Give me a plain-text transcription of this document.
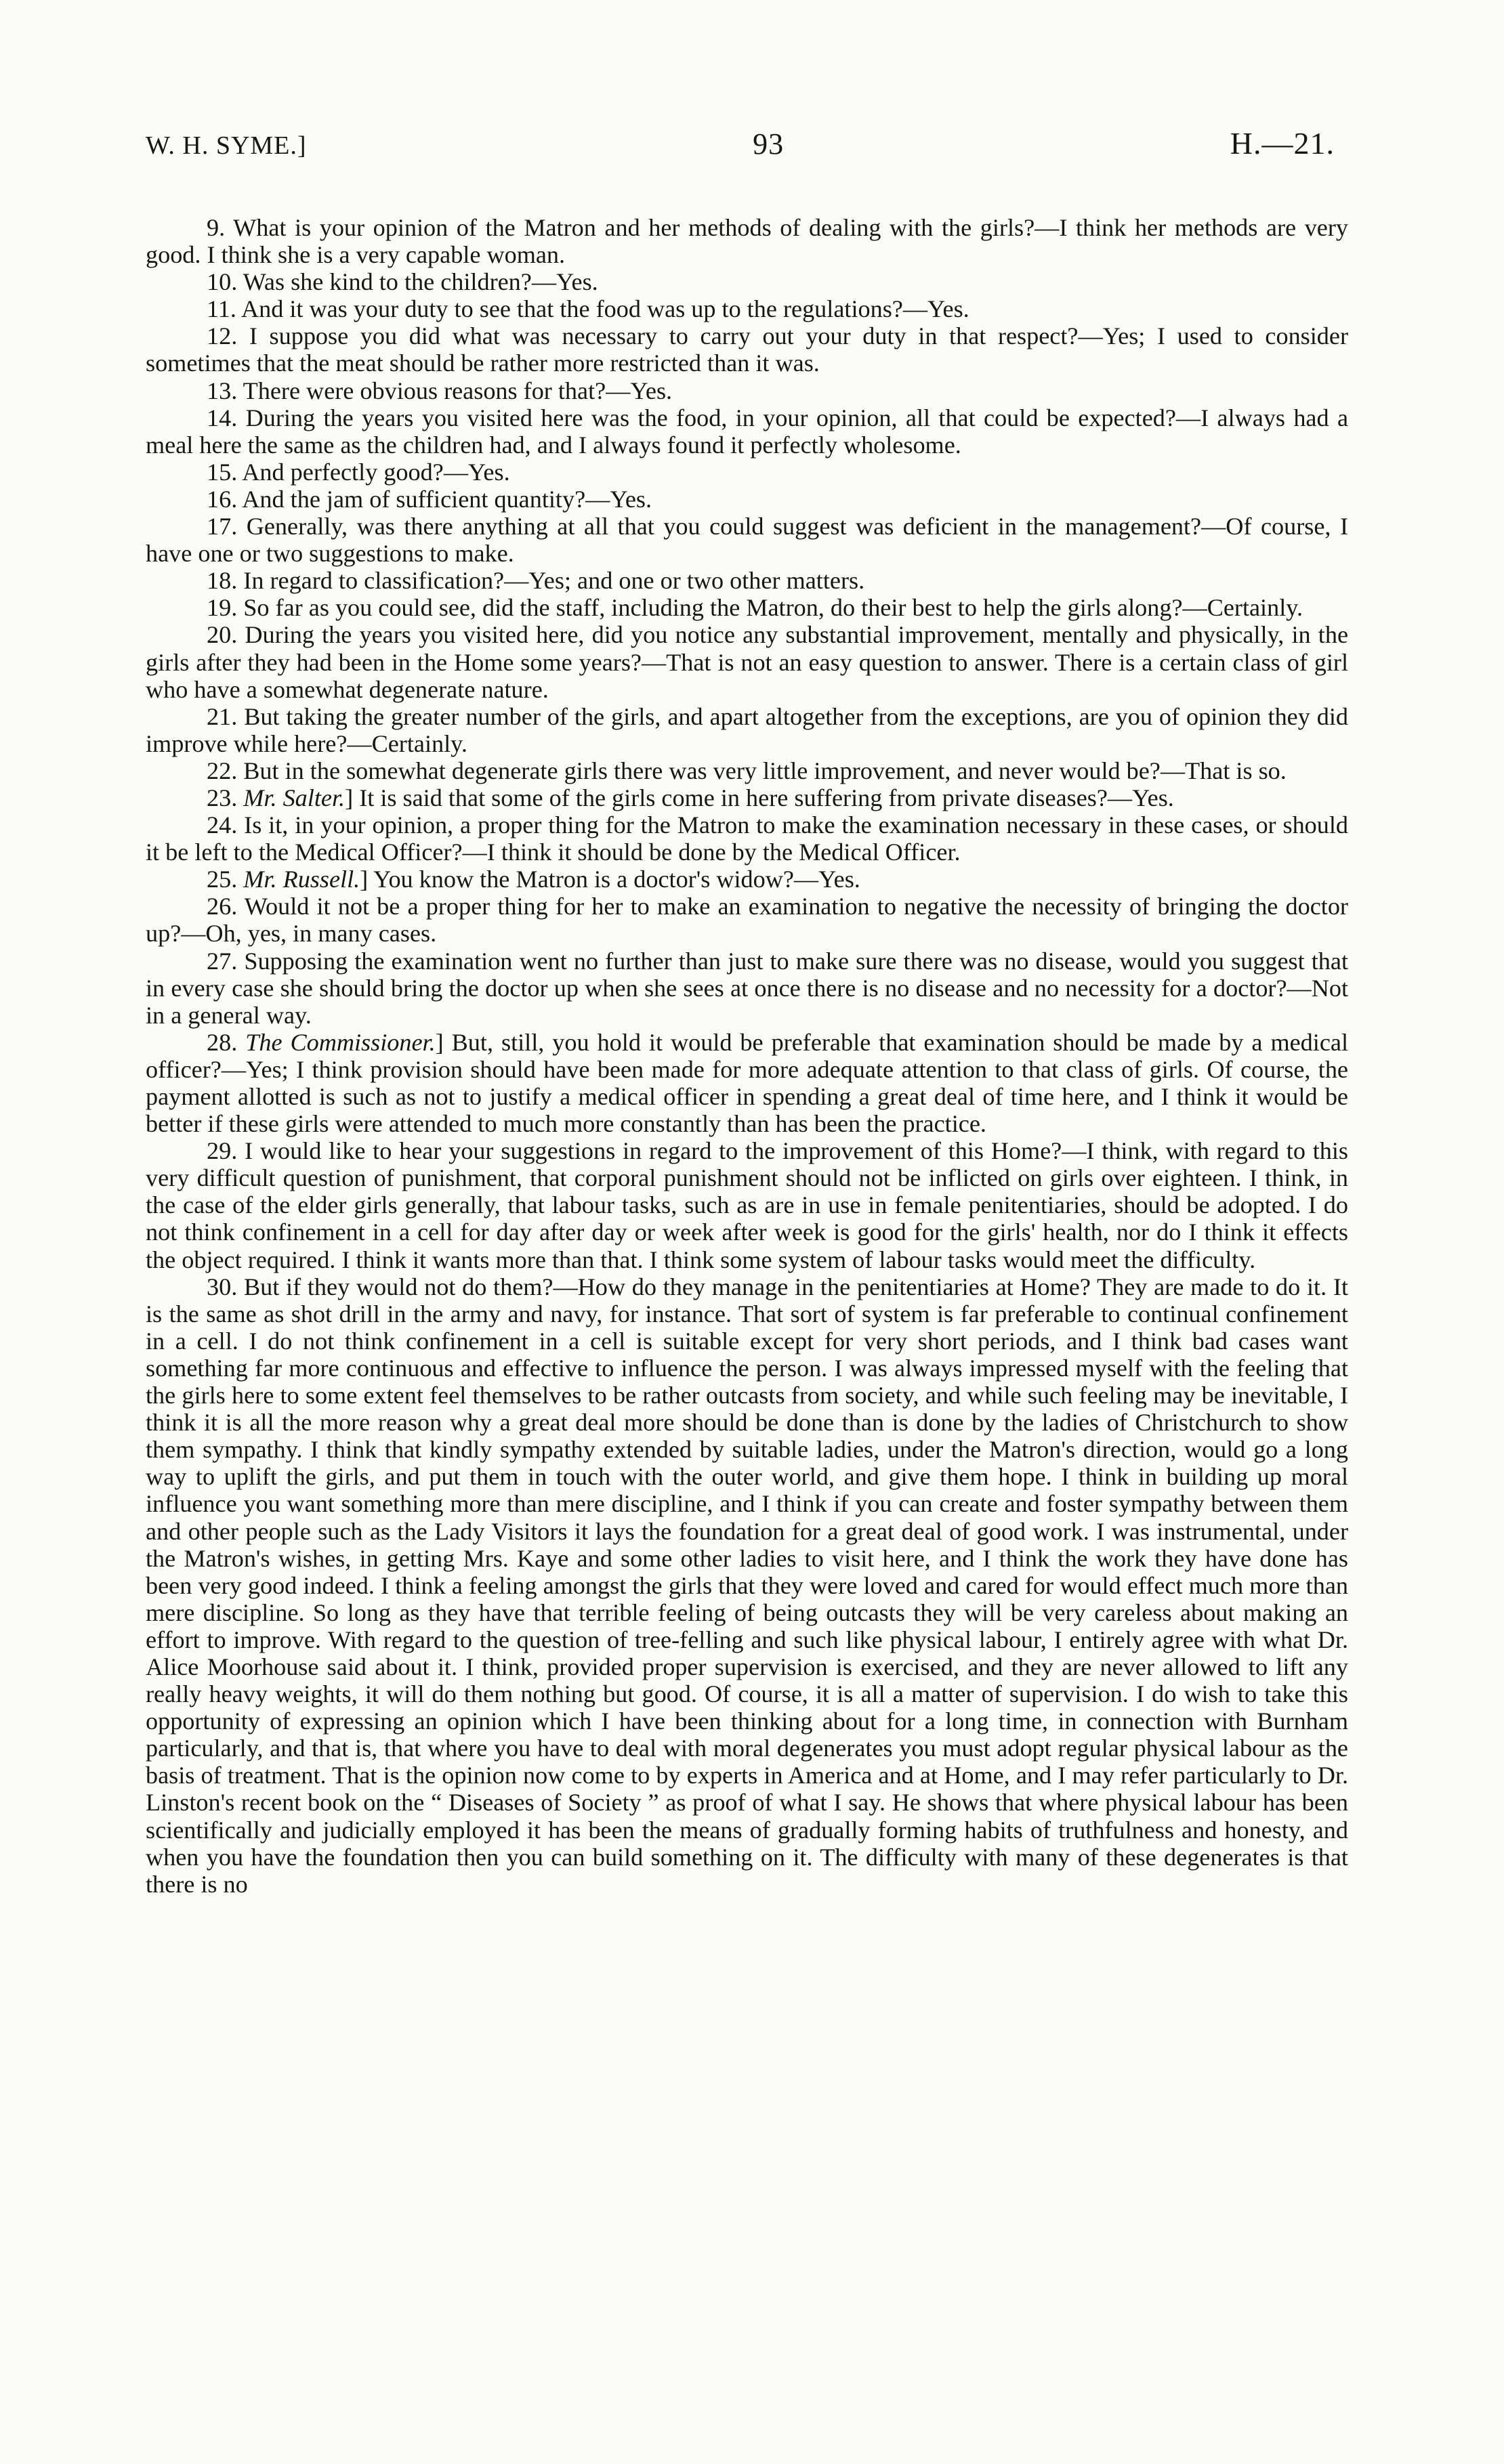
W. H. SYME.]	93	H.—21.

9. What is your opinion of the Matron and her methods of dealing with the girls?—I think her methods are very good. I think she is a very capable woman.

10. Was she kind to the children?—Yes.

11. And it was your duty to see that the food was up to the regulations?—Yes.

12. I suppose you did what was necessary to carry out your duty in that respect?—Yes; I used to consider sometimes that the meat should be rather more restricted than it was.

13. There were obvious reasons for that?—Yes.

14. During the years you visited here was the food, in your opinion, all that could be expected?—I always had a meal here the same as the children had, and I always found it perfectly wholesome.

15. And perfectly good?—Yes.

16. And the jam of sufficient quantity?—Yes.

17. Generally, was there anything at all that you could suggest was deficient in the management?—Of course, I have one or two suggestions to make.

18. In regard to classification?—Yes; and one or two other matters.

19. So far as you could see, did the staff, including the Matron, do their best to help the girls along?—Certainly.

20. During the years you visited here, did you notice any substantial improvement, mentally and physically, in the girls after they had been in the Home some years?—That is not an easy question to answer. There is a certain class of girl who have a somewhat degenerate nature.

21. But taking the greater number of the girls, and apart altogether from the exceptions, are you of opinion they did improve while here?—Certainly.

22. But in the somewhat degenerate girls there was very little improvement, and never would be?—That is so.

23. Mr. Salter.] It is said that some of the girls come in here suffering from private diseases?—Yes.

24. Is it, in your opinion, a proper thing for the Matron to make the examination necessary in these cases, or should it be left to the Medical Officer?—I think it should be done by the Medical Officer.

25. Mr. Russell.] You know the Matron is a doctor's widow?—Yes.

26. Would it not be a proper thing for her to make an examination to negative the necessity of bringing the doctor up?—Oh, yes, in many cases.

27. Supposing the examination went no further than just to make sure there was no disease, would you suggest that in every case she should bring the doctor up when she sees at once there is no disease and no necessity for a doctor?—Not in a general way.

28. The Commissioner.] But, still, you hold it would be preferable that examination should be made by a medical officer?—Yes; I think provision should have been made for more adequate attention to that class of girls. Of course, the payment allotted is such as not to justify a medical officer in spending a great deal of time here, and I think it would be better if these girls were attended to much more constantly than has been the practice.

29. I would like to hear your suggestions in regard to the improvement of this Home?—I think, with regard to this very difficult question of punishment, that corporal punishment should not be inflicted on girls over eighteen. I think, in the case of the elder girls generally, that labour tasks, such as are in use in female penitentiaries, should be adopted. I do not think confinement in a cell for day after day or week after week is good for the girls' health, nor do I think it effects the object required. I think it wants more than that. I think some system of labour tasks would meet the difficulty.

30. But if they would not do them?—How do they manage in the penitentiaries at Home? They are made to do it. It is the same as shot drill in the army and navy, for instance. That sort of system is far preferable to continual confinement in a cell. I do not think confinement in a cell is suitable except for very short periods, and I think bad cases want something far more continuous and effective to influence the person. I was always impressed myself with the feeling that the girls here to some extent feel themselves to be rather outcasts from society, and while such feeling may be inevitable, I think it is all the more reason why a great deal more should be done than is done by the ladies of Christchurch to show them sympathy. I think that kindly sympathy extended by suitable ladies, under the Matron's direction, would go a long way to uplift the girls, and put them in touch with the outer world, and give them hope. I think in building up moral influence you want something more than mere discipline, and I think if you can create and foster sympathy between them and other people such as the Lady Visitors it lays the foundation for a great deal of good work. I was instrumental, under the Matron's wishes, in getting Mrs. Kaye and some other ladies to visit here, and I think the work they have done has been very good indeed. I think a feeling amongst the girls that they were loved and cared for would effect much more than mere discipline. So long as they have that terrible feeling of being outcasts they will be very careless about making an effort to improve. With regard to the question of tree-felling and such like physical labour, I entirely agree with what Dr. Alice Moorhouse said about it. I think, provided proper supervision is exercised, and they are never allowed to lift any really heavy weights, it will do them nothing but good. Of course, it is all a matter of supervision. I do wish to take this opportunity of expressing an opinion which I have been thinking about for a long time, in connection with Burnham particularly, and that is, that where you have to deal with moral degenerates you must adopt regular physical labour as the basis of treatment. That is the opinion now come to by experts in America and at Home, and I may refer particularly to Dr. Linston's recent book on the “ Diseases of Society ” as proof of what I say. He shows that where physical labour has been scientifically and judicially employed it has been the means of gradually forming habits of truthfulness and honesty, and when you have the foundation then you can build something on it. The difficulty with many of these degenerates is that there is no
